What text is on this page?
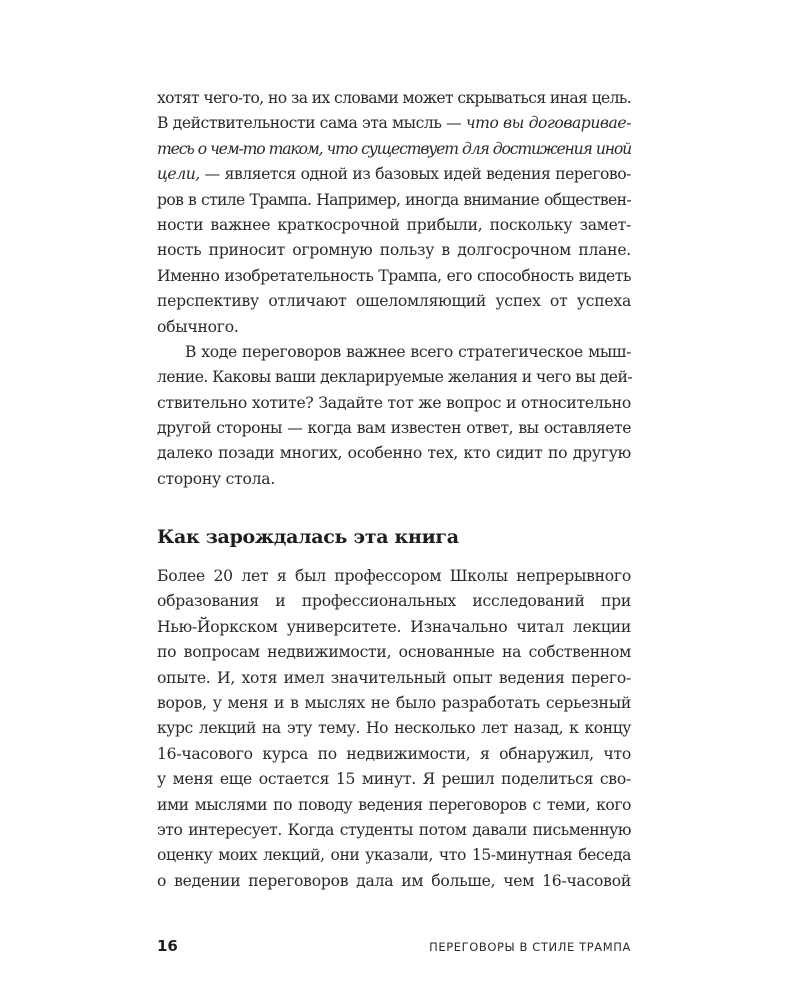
хотят чего-то, но за их словами может скрываться иная цель.
В действительности сама эта мысль — что вы договаривае-
тесь о чем-то таком, что существует для достижения иной
цели, — является одной из базовых идей ведения перегово-
ров в стиле Трампа. Например, иногда внимание обществен-
ности важнее краткосрочной прибыли, поскольку замет-
ность приносит огромную пользу в долгосрочном плане.
Именно изобретательность Трампа, его способность видеть
перспективу отличают ошеломляющий успех от успеха
обычного.
В ходе переговоров важнее всего стратегическое мыш-
ление. Каковы ваши декларируемые желания и чего вы дей-
ствительно хотите? Задайте тот же вопрос и относительно
другой стороны — когда вам известен ответ, вы оставляете
далеко позади многих, особенно тех, кто сидит по другую
сторону стола.
Как зарождалась эта книга
Более 20 лет я был профессором Школы непрерывного
образования и профессиональных исследований при
Нью-Йоркском университете. Изначально читал лекции
по вопросам недвижимости, основанные на собственном
опыте. И, хотя имел значительный опыт ведения перего-
воров, у меня и в мыслях не было разработать серьезный
курс лекций на эту тему. Но несколько лет назад, к концу
16-часового курса по недвижимости, я обнаружил, что
у меня еще остается 15 минут. Я решил поделиться сво-
ими мыслями по поводу ведения переговоров с теми, кого
это интересует. Когда студенты потом давали письменную
оценку моих лекций, они указали, что 15-минутная беседа
о ведении переговоров дала им больше, чем 16-часовой
16	ПЕРЕГОВОРЫ В СТИЛЕ ТРАМПА
